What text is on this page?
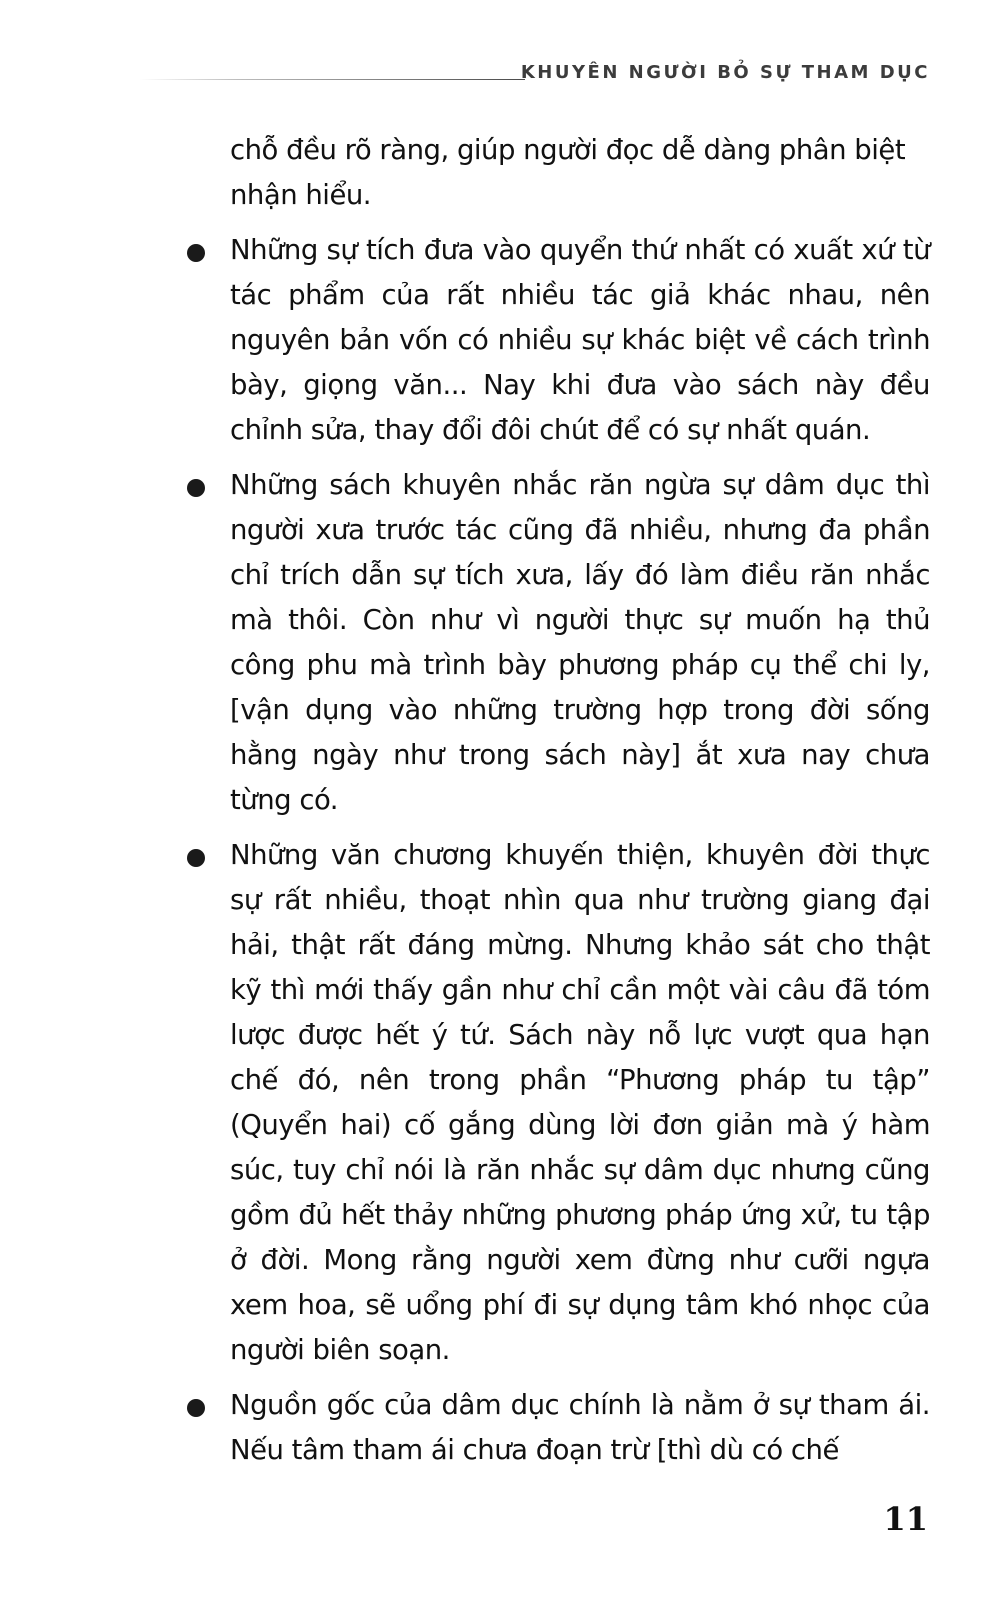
KHUYÊN NGƯỜI BỎ SỰ THAM DỤC

chỗ đều rõ ràng, giúp người đọc dễ dàng phân biệt nhận hiểu.

Những sự tích đưa vào quyển thứ nhất có xuất xứ từ tác phẩm của rất nhiều tác giả khác nhau, nên nguyên bản vốn có nhiều sự khác biệt về cách trình bày, giọng văn... Nay khi đưa vào sách này đều chỉnh sửa, thay đổi đôi chút để có sự nhất quán.
Những sách khuyên nhắc răn ngừa sự dâm dục thì người xưa trước tác cũng đã nhiều, nhưng đa phần chỉ trích dẫn sự tích xưa, lấy đó làm điều răn nhắc mà thôi. Còn như vì người thực sự muốn hạ thủ công phu mà trình bày phương pháp cụ thể chi ly, [vận dụng vào những trường hợp trong đời sống hằng ngày như trong sách này] ắt xưa nay chưa từng có.
Những văn chương khuyến thiện, khuyên đời thực sự rất nhiều, thoạt nhìn qua như trường giang đại hải, thật rất đáng mừng. Nhưng khảo sát cho thật kỹ thì mới thấy gần như chỉ cần một vài câu đã tóm lược được hết ý tứ. Sách này nỗ lực vượt qua hạn chế đó, nên trong phần “Phương pháp tu tập” (Quyển hai) cố gắng dùng lời đơn giản mà ý hàm súc, tuy chỉ nói là răn nhắc sự dâm dục nhưng cũng gồm đủ hết thảy những phương pháp ứng xử, tu tập ở đời. Mong rằng người xem đừng như cưỡi ngựa xem hoa, sẽ uổng phí đi sự dụng tâm khó nhọc của người biên soạn.
Nguồn gốc của dâm dục chính là nằm ở sự tham ái. Nếu tâm tham ái chưa đoạn trừ [thì dù có chế
11
